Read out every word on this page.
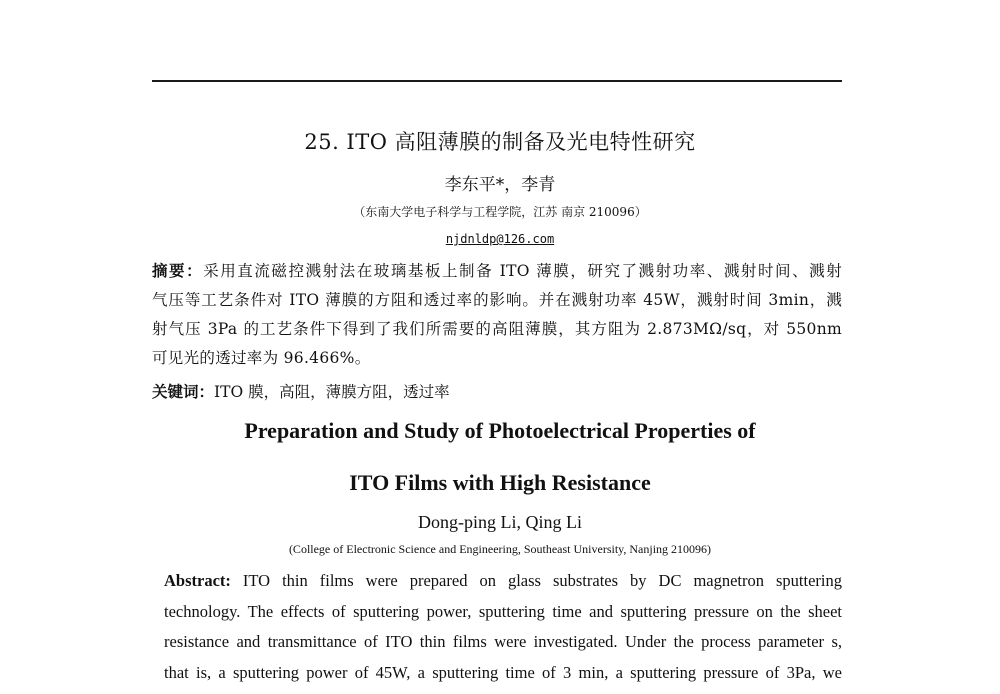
25. ITO 高阻薄膜的制备及光电特性研究
李东平*，李青
（东南大学电子科学与工程学院，江苏 南京 210096）
njdnldp@126.com
摘要：采用直流磁控溅射法在玻璃基板上制备 ITO 薄膜，研究了溅射功率、溅射时间、溅射
气压等工艺条件对 ITO 薄膜的方阻和透过率的影响。并在溅射功率 45W，溅射时间 3min，溅
射气压 3Pa 的工艺条件下得到了我们所需要的高阻薄膜，其方阻为 2.873MΩ/sq，对 550nm
可见光的透过率为 96.466%。
关键词：ITO 膜，高阻，薄膜方阻，透过率
Preparation and Study of Photoelectrical Properties of
ITO Films with High Resistance
Dong-ping Li, Qing Li
(College of Electronic Science and Engineering, Southeast University, Nanjing 210096)
Abstract: ITO thin films were prepared on glass substrates by DC magnetron sputtering
technology. The effects of sputtering power, sputtering time and sputtering pressure on the sheet
resistance and transmittance of ITO thin films were investigated. Under the process parameter s,
that is, a sputtering power of 45W, a sputtering time of 3 min, a sputtering pressure of 3Pa, we
